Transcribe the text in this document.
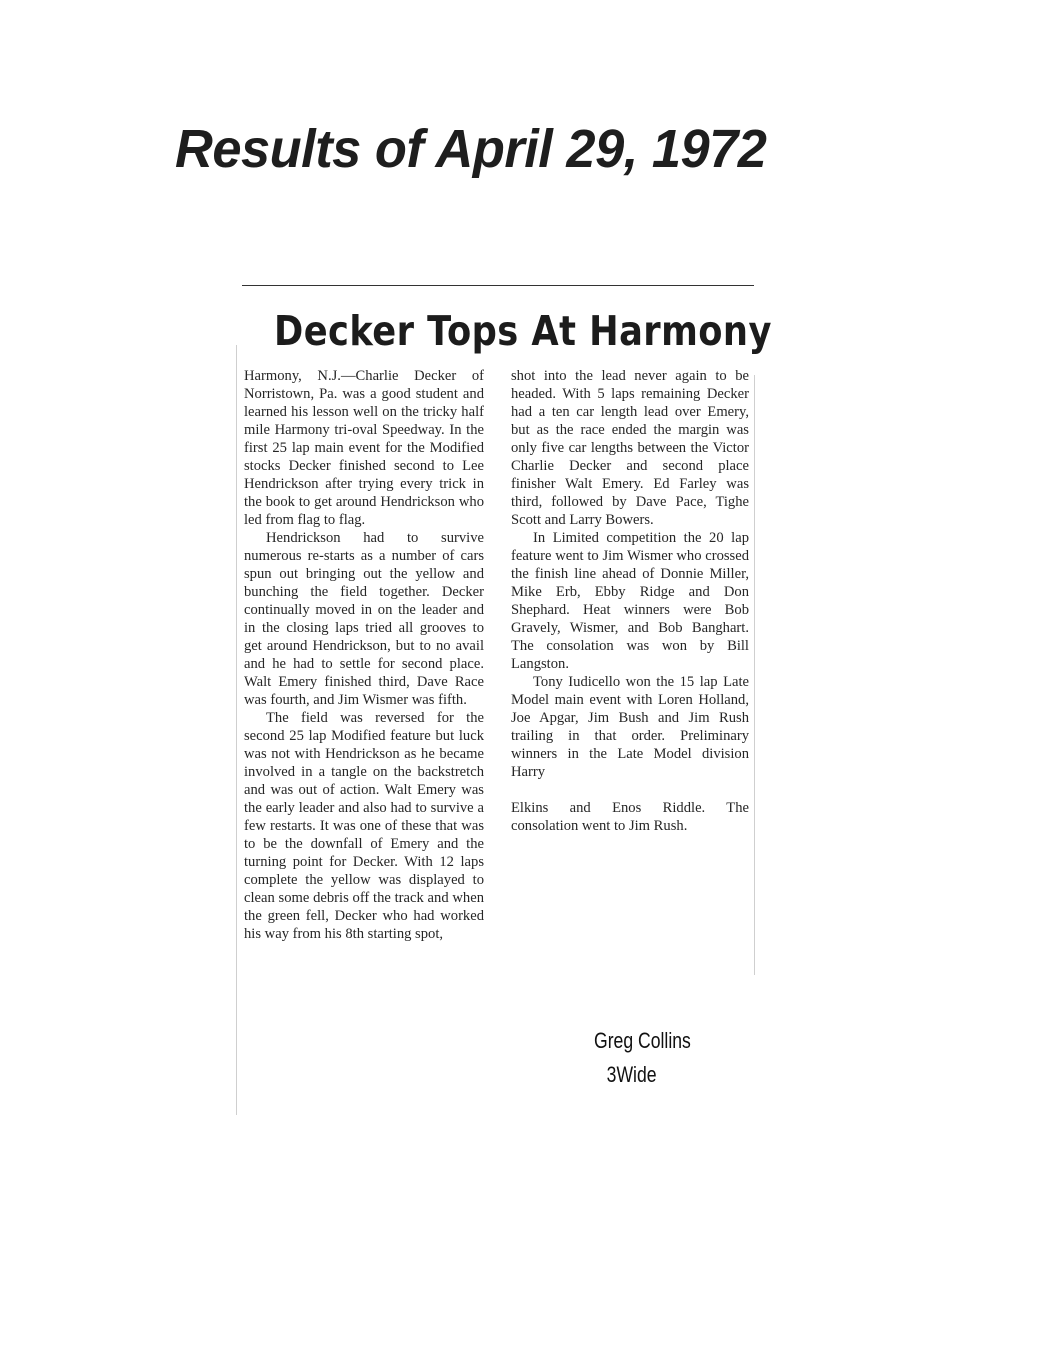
Results of April 29, 1972
Decker Tops At Harmony

Harmony, N.J.—Charlie Decker of Norristown, Pa. was a good student and learned his lesson well on the tricky half mile Harmony tri-oval Speedway. In the first 25 lap main event for the Modified stocks Decker finished second to Lee Hendrickson after trying every trick in the book to get around Hendrickson who led from flag to flag.

Hendrickson had to survive numerous re-starts as a number of cars spun out bringing out the yellow and bunching the field together. Decker continually moved in on the leader and in the closing laps tried all grooves to get around Hendrickson, but to no avail and he had to settle for second place. Walt Emery finished third, Dave Race was fourth, and Jim Wismer was fifth.

The field was reversed for the second 25 lap Modified feature but luck was not with Hendrickson as he became involved in a tangle on the backstretch and was out of action. Walt Emery was the early leader and also had to survive a few restarts. It was one of these that was to be the downfall of Emery and the turning point for Decker. With 12 laps complete the yellow was displayed to clean some debris off the track and when the green fell, Decker who had worked his way from his 8th starting spot,

shot into the lead never again to be headed. With 5 laps remaining Decker had a ten car length lead over Emery, but as the race ended the margin was only five car lengths between the Victor Charlie Decker and second place finisher Walt Emery. Ed Farley was third, followed by Dave Pace, Tighe Scott and Larry Bowers.

In Limited competition the 20 lap feature went to Jim Wismer who crossed the finish line ahead of Donnie Miller, Mike Erb, Ebby Ridge and Don Shephard. Heat winners were Bob Gravely, Wismer, and Bob Banghart. The consolation was won by Bill Langston.

Tony Iudicello won the 15 lap Late Model main event with Loren Holland, Joe Apgar, Jim Bush and Jim Rush trailing in that order. Preliminary winners in the Late Model division Harry

Elkins and Enos Riddle. The consolation went to Jim Rush.

Greg Collins
3Wide
